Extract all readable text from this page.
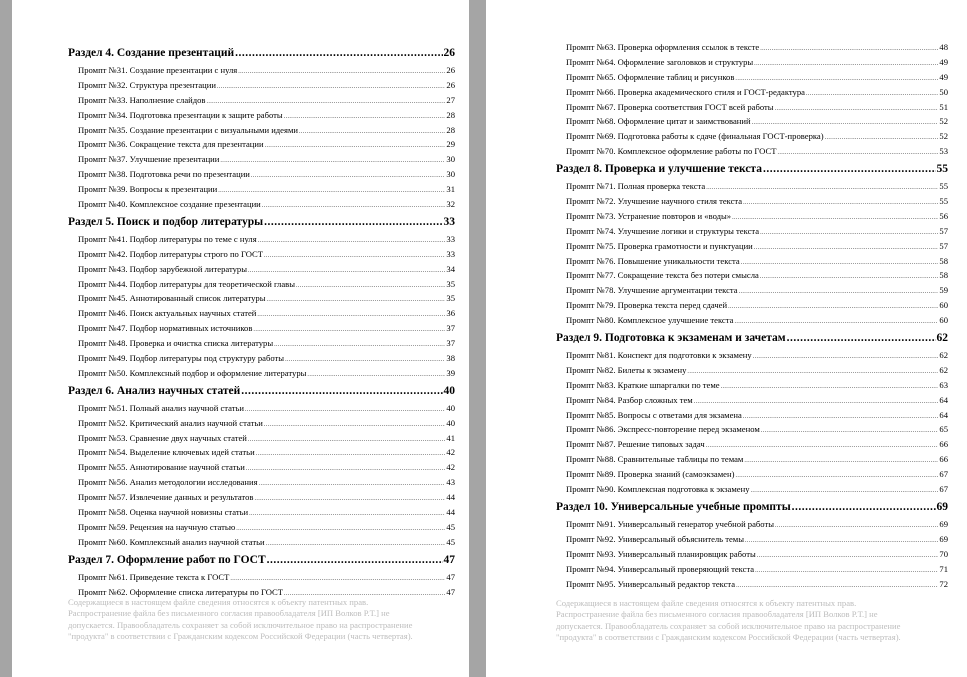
Раздел 4. Создание презентаций .....	26
Промпт №31. Создание презентации с нуля .....	26
Промпт №32. Структура презентации .....	26
Промпт №33. Наполнение слайдов .....	27
Промпт №34. Подготовка презентации к защите работы .....	28
Промпт №35. Создание презентации с визуальными идеями .....	28
Промпт №36. Сокращение текста для презентации .....	29
Промпт №37. Улучшение презентации .....	30
Промпт №38. Подготовка речи по презентации .....	30
Промпт №39. Вопросы к презентации .....	31
Промпт №40. Комплексное создание презентации .....	32
Раздел 5. Поиск и подбор литературы .....	33
Промпт №41. Подбор литературы по теме с нуля .....	33
Промпт №42. Подбор литературы строго по ГОСТ .....	33
Промпт №43. Подбор зарубежной литературы .....	34
Промпт №44. Подбор литературы для теоретической главы .....	35
Промпт №45. Аннотированный список литературы .....	35
Промпт №46. Поиск актуальных научных статей .....	36
Промпт №47. Подбор нормативных источников .....	37
Промпт №48. Проверка и очистка списка литературы .....	37
Промпт №49. Подбор литературы под структуру работы .....	38
Промпт №50. Комплексный подбор и оформление литературы .....	39
Раздел 6. Анализ научных статей .....	40
Промпт №51. Полный анализ научной статьи .....	40
Промпт №52. Критический анализ научной статьи .....	40
Промпт №53. Сравнение двух научных статей .....	41
Промпт №54. Выделение ключевых идей статьи .....	42
Промпт №55. Аннотирование научной статьи .....	42
Промпт №56. Анализ методологии исследования .....	43
Промпт №57. Извлечение данных и результатов .....	44
Промпт №58. Оценка научной новизны статьи .....	44
Промпт №59. Рецензия на научную статью .....	45
Промпт №60. Комплексный анализ научной статьи .....	45
Раздел 7. Оформление работ по ГОСТ .....	47
Промпт №61. Приведение текста к ГОСТ .....	47
Промпт №62. Оформление списка литературы по ГОСТ .....	47
Содержащиеся в настоящем файле сведения относятся к объекту патентных прав.
Распространение файла без письменного согласия правообладателя [ИП Волков Р.Т.] не
допускается. Правообладатель сохраняет за собой исключительное право на распространение
"продукта" в соответствии с Гражданским кодексом Российской Федерации (часть четвертая).
Промпт №63. Проверка оформления ссылок в тексте .....	48
Промпт №64. Оформление заголовков и структуры .....	49
Промпт №65. Оформление таблиц и рисунков .....	49
Промпт №66. Проверка академического стиля и ГОСТ-редактура .....	50
Промпт №67. Проверка соответствия ГОСТ всей работы .....	51
Промпт №68. Оформление цитат и заимствований .....	52
Промпт №69. Подготовка работы к сдаче (финальная ГОСТ-проверка) .....	52
Промпт №70. Комплексное оформление работы по ГОСТ .....	53
Раздел 8. Проверка и улучшение текста .....	55
Промпт №71. Полная проверка текста .....	55
Промпт №72. Улучшение научного стиля текста .....	55
Промпт №73. Устранение повторов и «воды» .....	56
Промпт №74. Улучшение логики и структуры текста .....	57
Промпт №75. Проверка грамотности и пунктуации .....	57
Промпт №76. Повышение уникальности текста .....	58
Промпт №77. Сокращение текста без потери смысла .....	58
Промпт №78. Улучшение аргументации текста .....	59
Промпт №79. Проверка текста перед сдачей .....	60
Промпт №80. Комплексное улучшение текста .....	60
Раздел 9. Подготовка к экзаменам и зачетам .....	62
Промпт №81. Конспект для подготовки к экзамену .....	62
Промпт №82. Билеты к экзамену .....	62
Промпт №83. Краткие шпаргалки по теме .....	63
Промпт №84. Разбор сложных тем .....	64
Промпт №85. Вопросы с ответами для экзамена .....	64
Промпт №86. Экспресс-повторение перед экзаменом .....	65
Промпт №87. Решение типовых задач .....	66
Промпт №88. Сравнительные таблицы по темам .....	66
Промпт №89. Проверка знаний (самоэкзамен) .....	67
Промпт №90. Комплексная подготовка к экзамену .....	67
Раздел 10. Универсальные учебные промпты .....	69
Промпт №91. Универсальный генератор учебной работы .....	69
Промпт №92. Универсальный объяснитель темы .....	69
Промпт №93. Универсальный планировщик работы .....	70
Промпт №94. Универсальный проверяющий текста .....	71
Промпт №95. Универсальный редактор текста .....	72
Содержащиеся в настоящем файле сведения относятся к объекту патентных прав.
Распространение файла без письменного согласия правообладателя [ИП Волков Р.Т.] не
допускается. Правообладатель сохраняет за собой исключительное право на распространение
"продукта" в соответствии с Гражданским кодексом Российской Федерации (часть четвертая).
